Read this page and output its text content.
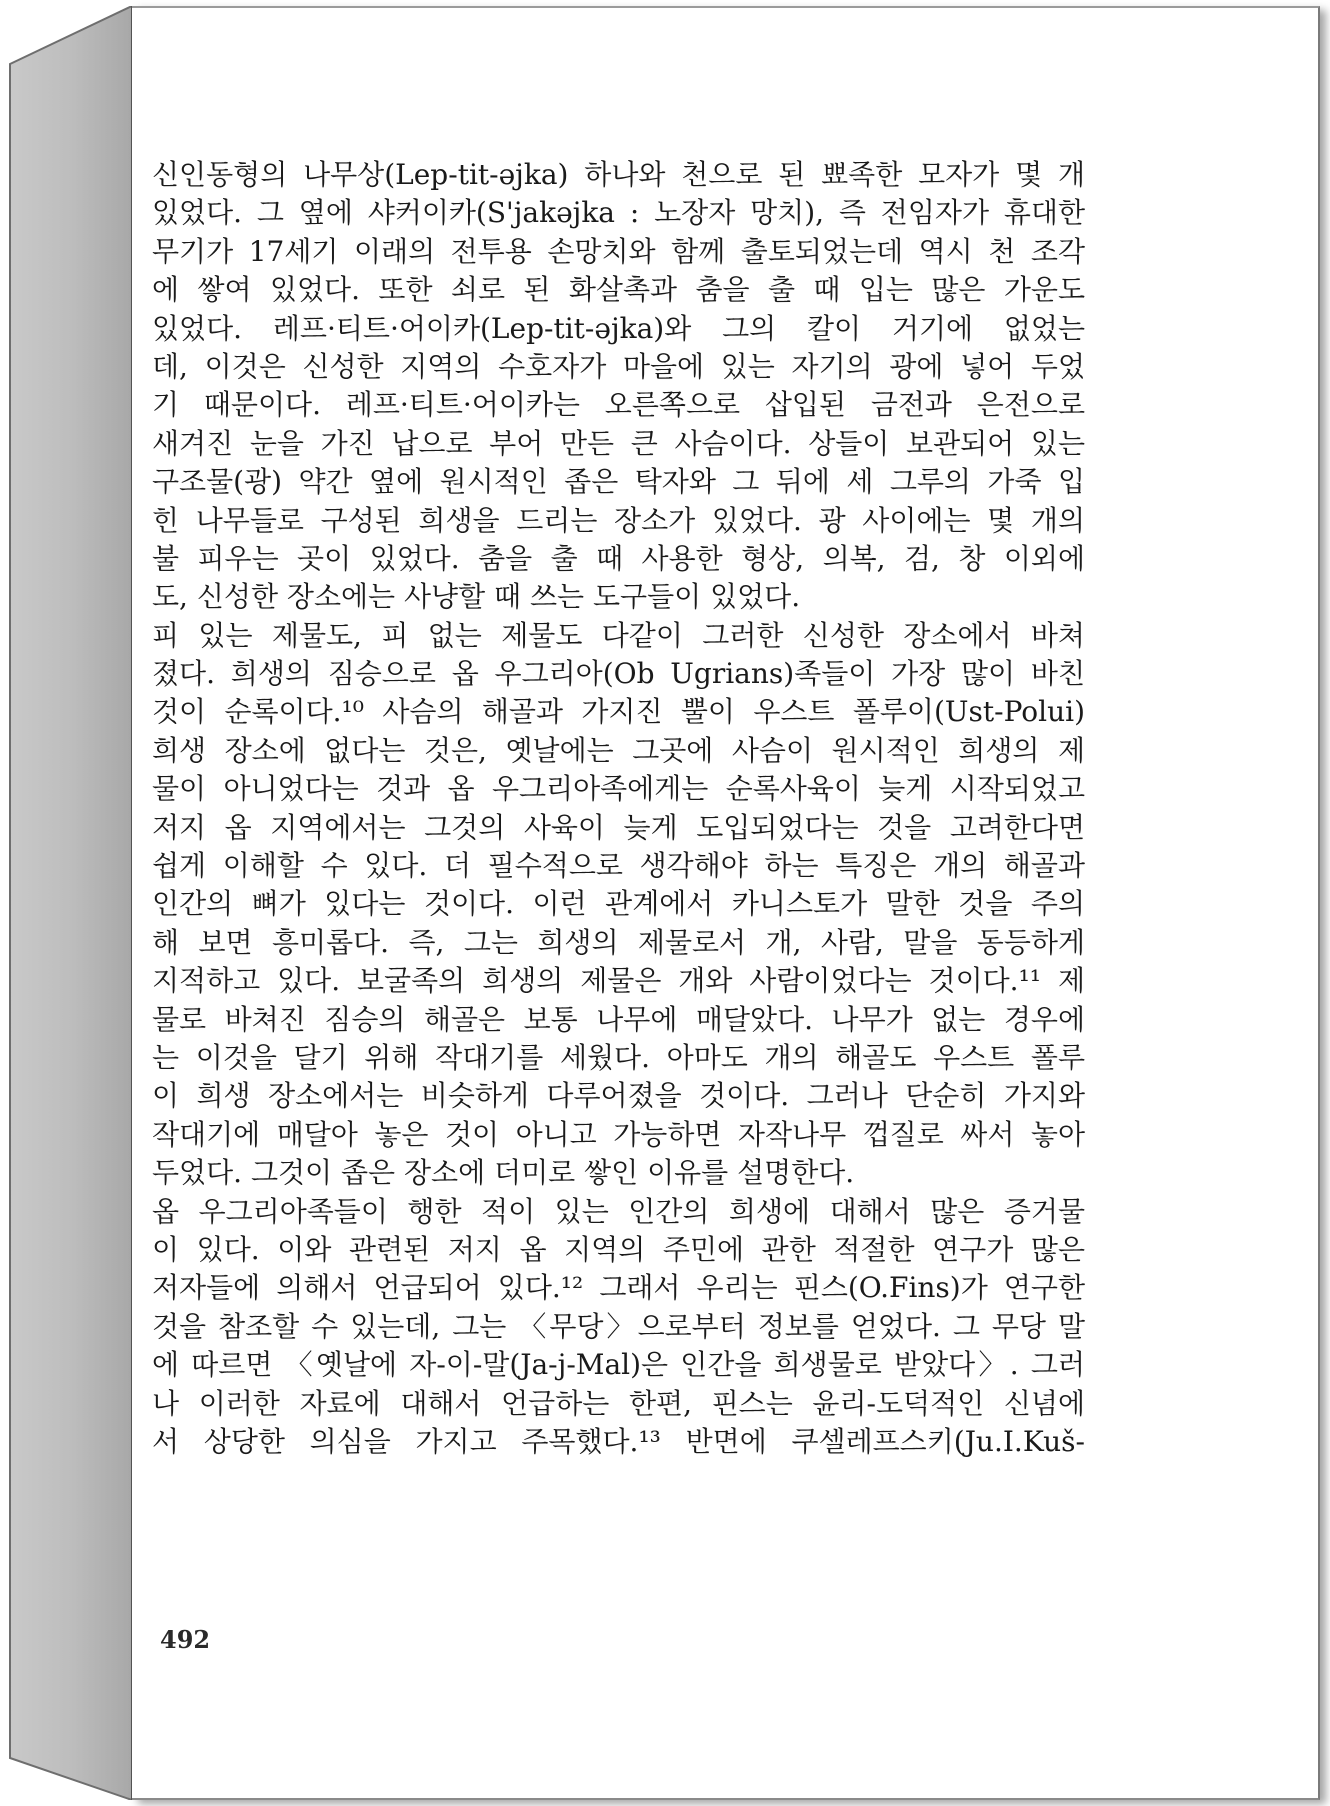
신인동형의 나무상(Lep-tit-əjka) 하나와 천으로 된 뾰족한 모자가 몇 개
있었다. 그 옆에 샤커이카(S'jakəjka : 노장자 망치), 즉 전임자가 휴대한
무기가 17세기 이래의 전투용 손망치와 함께 출토되었는데 역시 천 조각
에 쌓여 있었다. 또한 쇠로 된 화살촉과 춤을 출 때 입는 많은 가운도
있었다. 레프·티트·어이카(Lep-tit-əjka)와 그의 칼이 거기에 없었는
데, 이것은 신성한 지역의 수호자가 마을에 있는 자기의 광에 넣어 두었
기 때문이다. 레프·티트·어이카는 오른쪽으로 삽입된 금전과 은전으로
새겨진 눈을 가진 납으로 부어 만든 큰 사슴이다. 상들이 보관되어 있는
구조물(광) 약간 옆에 원시적인 좁은 탁자와 그 뒤에 세 그루의 가죽 입
힌 나무들로 구성된 희생을 드리는 장소가 있었다. 광 사이에는 몇 개의
불 피우는 곳이 있었다. 춤을 출 때 사용한 형상, 의복, 검, 창 이외에
도, 신성한 장소에는 사냥할 때 쓰는 도구들이 있었다.
피 있는 제물도, 피 없는 제물도 다같이 그러한 신성한 장소에서 바쳐
졌다. 희생의 짐승으로 옵 우그리아(Ob Ugrians)족들이 가장 많이 바친
것이 순록이다.¹⁰ 사슴의 해골과 가지진 뿔이 우스트 폴루이(Ust-Polui)
희생 장소에 없다는 것은, 옛날에는 그곳에 사슴이 원시적인 희생의 제
물이 아니었다는 것과 옵 우그리아족에게는 순록사육이 늦게 시작되었고
저지 옵 지역에서는 그것의 사육이 늦게 도입되었다는 것을 고려한다면
쉽게 이해할 수 있다. 더 필수적으로 생각해야 하는 특징은 개의 해골과
인간의 뼈가 있다는 것이다. 이런 관계에서 카니스토가 말한 것을 주의
해 보면 흥미롭다. 즉, 그는 희생의 제물로서 개, 사람, 말을 동등하게
지적하고 있다. 보굴족의 희생의 제물은 개와 사람이었다는 것이다.¹¹ 제
물로 바쳐진 짐승의 해골은 보통 나무에 매달았다. 나무가 없는 경우에
는 이것을 달기 위해 작대기를 세웠다. 아마도 개의 해골도 우스트 폴루
이 희생 장소에서는 비슷하게 다루어졌을 것이다. 그러나 단순히 가지와
작대기에 매달아 놓은 것이 아니고 가능하면 자작나무 껍질로 싸서 놓아
두었다. 그것이 좁은 장소에 더미로 쌓인 이유를 설명한다.
옵 우그리아족들이 행한 적이 있는 인간의 희생에 대해서 많은 증거물
이 있다. 이와 관련된 저지 옵 지역의 주민에 관한 적절한 연구가 많은
저자들에 의해서 언급되어 있다.¹² 그래서 우리는 핀스(O.Fins)가 연구한
것을 참조할 수 있는데, 그는 〈무당〉으로부터 정보를 얻었다. 그 무당 말
에 따르면 〈옛날에 자-이-말(Ja-j-Mal)은 인간을 희생물로 받았다〉. 그러
나 이러한 자료에 대해서 언급하는 한편, 핀스는 윤리-도덕적인 신념에
서 상당한 의심을 가지고 주목했다.¹³ 반면에 쿠셀레프스키(Ju.I.Kuš-
492
